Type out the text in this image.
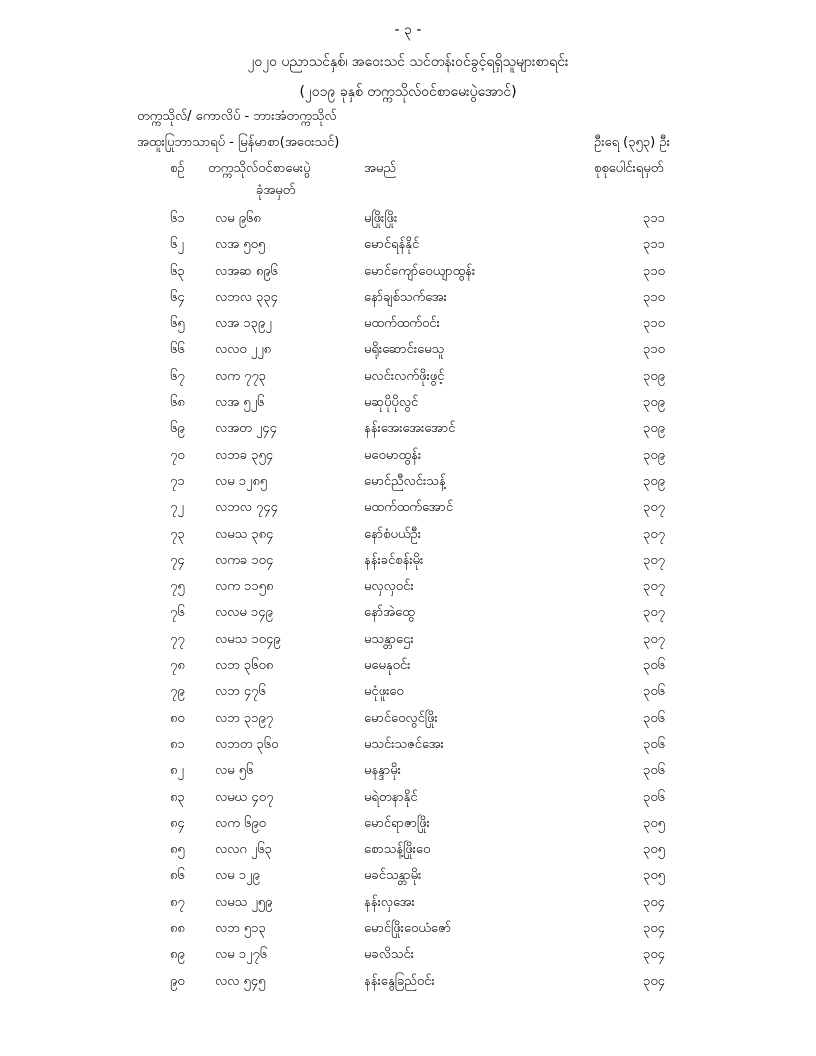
- ၃ -
၂၀၂၀ ပညာသင်နှစ်၊ အဝေးသင် သင်တန်းဝင်ခွင့်ရရှိသူများစာရင်း
(၂၀၁၉ ခုနှစ် တက္ကသိုလ်ဝင်စာမေးပွဲအောင်)
တက္ကသိုလ်/ ကောလိပ် - ဘားအံတက္ကသိုလ်
အထူးပြုဘာသာရပ် - မြန်မာစာ(အဝေးသင်)	ဦးရေ (၃၅၃) ဦး
စဉ် တက္ကသိုလ်ဝင်စာမေးပွဲ
ခုံအမှတ်
အမည်	စုစုပေါင်းရမှတ်
၆၁ လမ ၉၆၈	မဖြိုးဖြိုး	၃၁၁
၆၂ လအ ၅၀၅	မောင်ရန်နိုင်	၃၁၁
၆၃ လအဆ ၈၉၆	မောင်ကျော်ဝေယျာထွန်း	၃၁၀
၆၄ လဘလ ၃၃၄	နော်ချစ်သက်အေး	၃၁၀
၆၅ လအ ၁၃၉၂	မထက်ထက်ဝင်း	၃၁၀
၆၆ လလဝ ၂၂၈	မရိုးဆောင်းမေသူ	၃၁၀
၆၇ လက ၇၇၃	မလင်းလက်ဖိုးဖွင့်	၃၀၉
၆၈ လအ ၅၂၆	မဆုပိုပိုလွင်	၃၀၉
၆၉ လအတ ၂၄၄	နန်းအေးအေးအောင်	၃၀၉
၇၀ လဘခ ၃၅၄	မဝေမာထွန်း	၃၀၉
၇၁ လမ ၁၂၈၅	မောင်ညီလင်းသန့်	၃၀၉
၇၂ လဘလ ၇၄၄	မထက်ထက်အောင်	၃၀၇
၇၃ လမသ ၃၈၄	နော်စံပယ်ဦး	၃၀၇
၇၄ လကခ ၁၀၄	နန်းခင်စန်းမိုး	၃၀၇
၇၅ လက ၁၁၅၈	မလှလှဝင်း	၃၀၇
၇၆ လလမ ၁၄၉	နော်အဲထွေ	၃၀၇
၇၇ လမသ ၁၀၄၉	မသန္တာဌေး	၃၀၇
၇၈ လဘ ၃၆၀၈	မမေနုဝင်း	၃၀၆
၇၉ လဘ ၄၇၆	မငုံဖူးဝေ	၃၀၆
၈၀ လဘ ၃၁၉၇	မောင်ဝေလွင်ဖြိုး	၃၀၆
၈၁ လဘတ ၃၆၀	မသင်းသဇင်အေး	၃၀၆
၈၂ လမ ၅၆	မနန္ဒာမိုး	၃၀၆
၈၃ လမဃ ၄၀၇	မရဲတနာနိုင်	၃၀၆
၈၄ လက ၆၉၀	မောင်ရာဇာဖြိုး	၃၀၅
၈၅ လလဂ ၂၆၃	စောသန့်ဖြိုးဝေ	၃၀၅
၈၆ လမ ၁၂၉	မခင်သန္တာမိုး	၃၀၅
၈၇ လမသ ၂၅၉	နန်းလှအေး	၃၀၄
၈၈ လဘ ၅၁၃	မောင်ဖြိုးဝေယံဇော်	၃၀၄
၈၉ လမ ၁၂၇၆	မခလိသင်း	၃၀၄
၉၀ လလ ၅၄၅	နန်းနွေခြည်ဝင်း	၃၀၄
